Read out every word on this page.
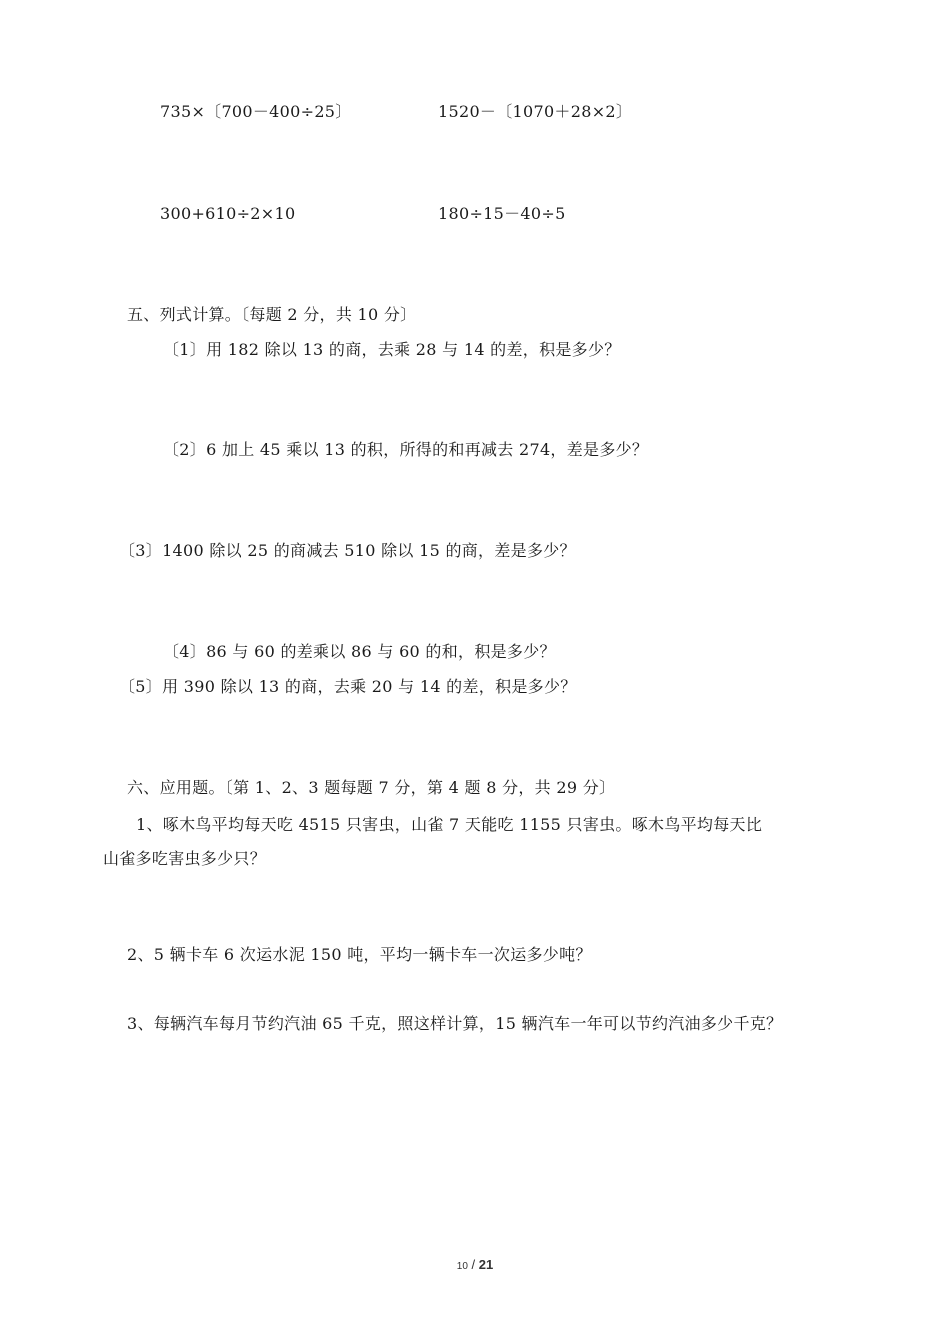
735×〔700－400÷25〕	1520－〔1070＋28×2〕
300+610÷2×10	180÷15－40÷5
五、列式计算。〔每题 2 分，共 10 分〕
〔1〕用 182 除以 13 的商，去乘 28 与 14 的差，积是多少？
〔2〕6 加上 45 乘以 13 的积，所得的和再减去 274，差是多少？
〔3〕1400 除以 25 的商减去 510 除以 15 的商，差是多少？
〔4〕86 与 60 的差乘以 86 与 60 的和，积是多少？
〔5〕用 390 除以 13 的商，去乘 20 与 14 的差，积是多少？
六、应用题。〔第 1、2、3 题每题 7 分，第 4 题 8 分，共 29 分〕
1、啄木鸟平均每天吃 4515 只害虫，山雀 7 天能吃 1155 只害虫。啄木鸟平均每天比
山雀多吃害虫多少只？
2、5 辆卡车 6 次运水泥 150 吨，平均一辆卡车一次运多少吨？
3、每辆汽车每月节约汽油 65 千克，照这样计算，15 辆汽车一年可以节约汽油多少千克？
10 / 21
